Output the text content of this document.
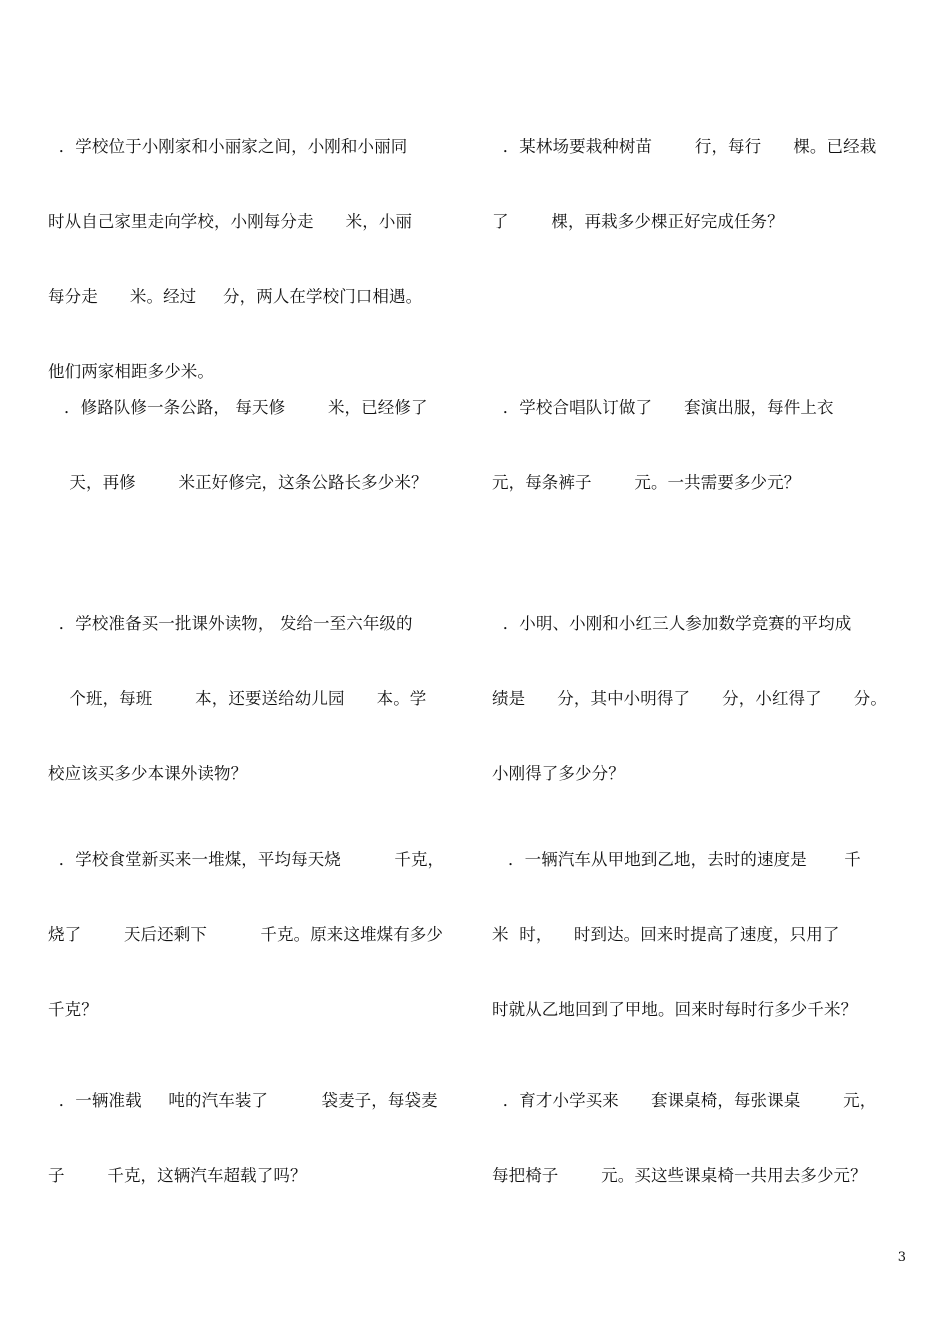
．学校位于小刚家和小丽家之间，小刚和小丽同

时从自己家里走向学校，小刚每分走      米，小丽

每分走      米。经过     分，两人在学校门口相遇。

他们两家相距多少米。

．某林场要栽种树苗        行，每行      棵。已经栽

了        棵，再栽多少棵正好完成任务？

．修路队修一条公路， 每天修        米，已经修了

天，再修        米正好修完，这条公路长多少米？

．学校合唱队订做了      套演出服，每件上衣

元，每条裤子        元。一共需要多少元？

．学校准备买一批课外读物， 发给一至六年级的

个班，每班        本，还要送给幼儿园      本。学

校应该买多少本课外读物？

．小明、小刚和小红三人参加数学竞赛的平均成

绩是      分，其中小明得了      分，小红得了      分。

小刚得了多少分？

．学校食堂新买来一堆煤，平均每天烧          千克，

烧了        天后还剩下          千克。原来这堆煤有多少

千克？

．一辆汽车从甲地到乙地，去时的速度是       千

米  时，    时到达。回来时提高了速度，只用了

时就从乙地回到了甲地。回来时每时行多少千米？

．一辆准载     吨的汽车装了          袋麦子，每袋麦

子        千克，这辆汽车超载了吗？

．育才小学买来      套课桌椅，每张课桌        元，

每把椅子        元。买这些课桌椅一共用去多少元？

3
